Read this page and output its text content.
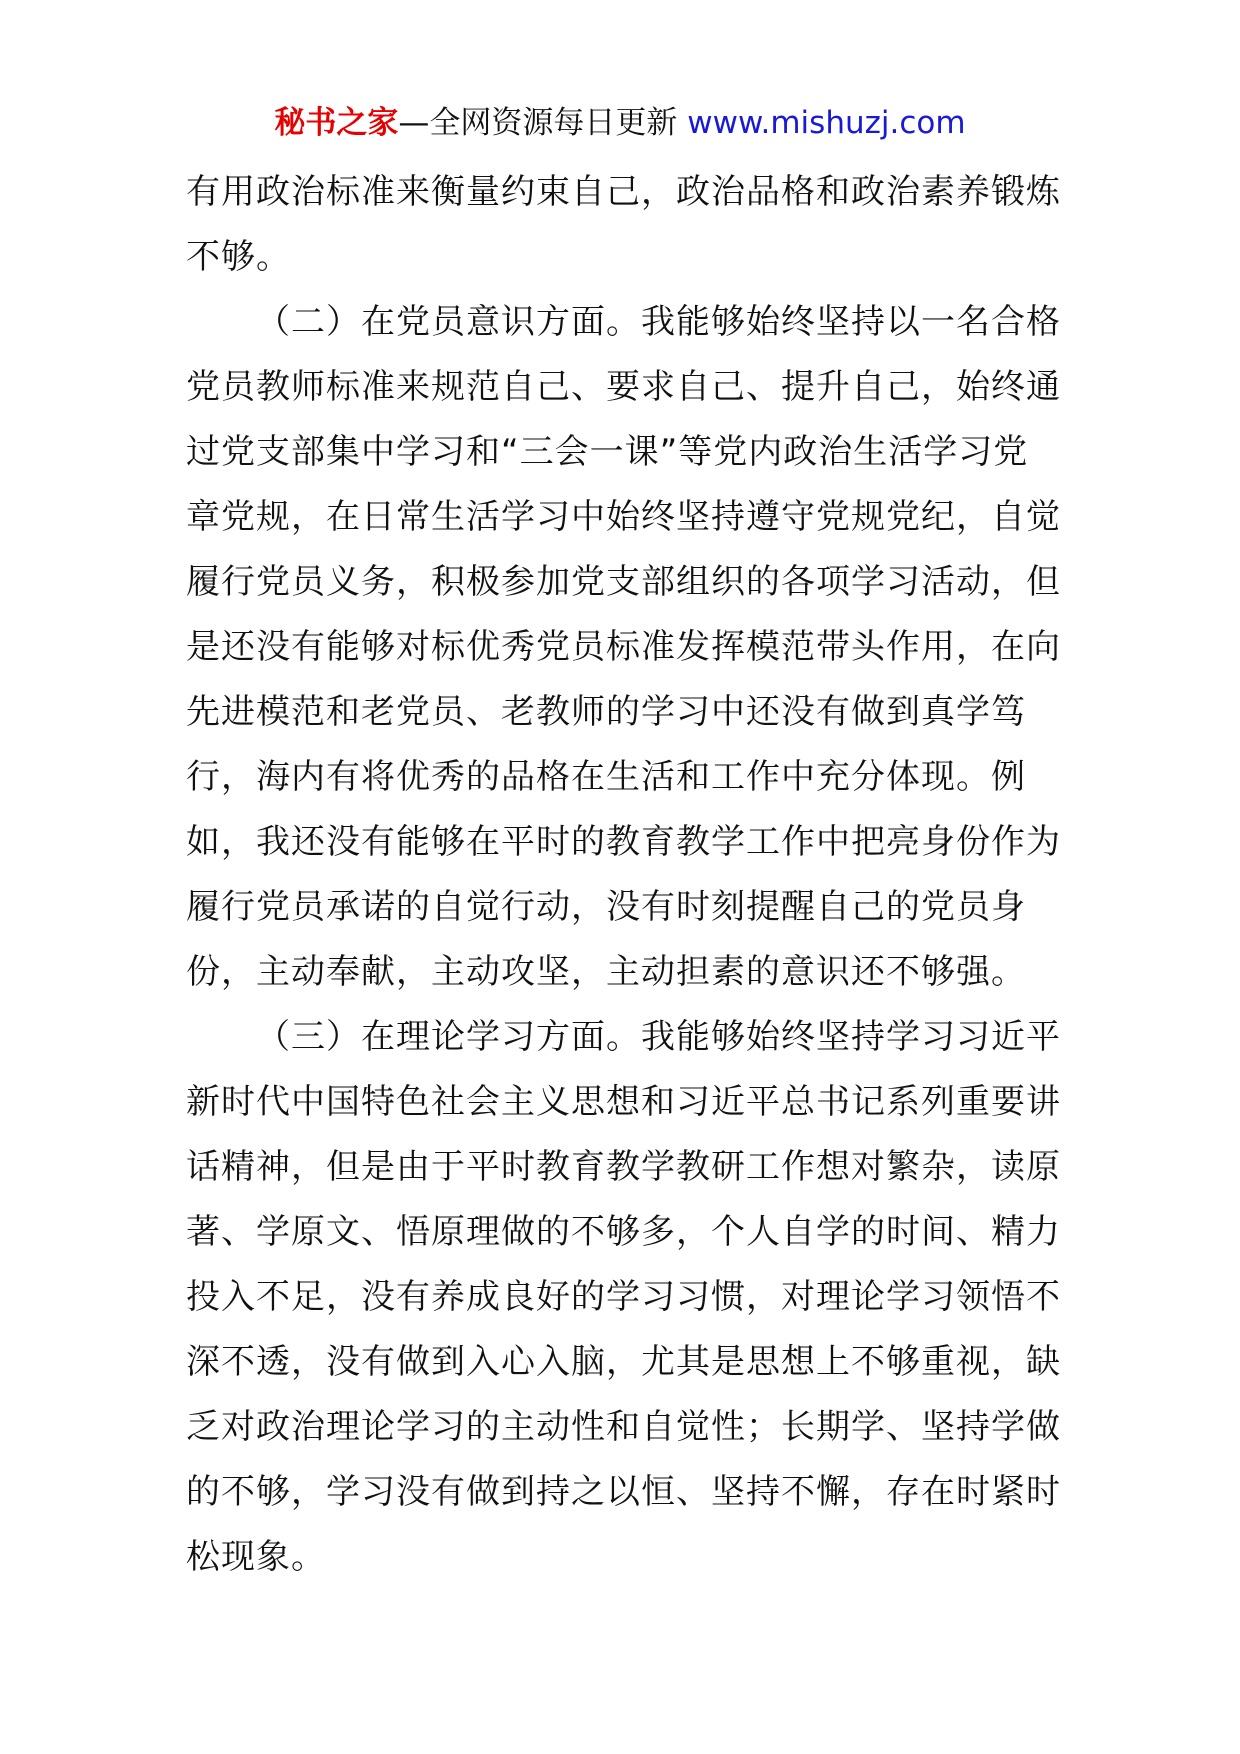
秘书之家—全网资源每日更新 www.mishuzj.com
有用政治标准来衡量约束自己，政治品格和政治素养锻炼
不够。
（二）在党员意识方面。我能够始终坚持以一名合格
党员教师标准来规范自己、要求自己、提升自己，始终通
过党支部集中学习和“三会一课”等党内政治生活学习党
章党规，在日常生活学习中始终坚持遵守党规党纪，自觉
履行党员义务，积极参加党支部组织的各项学习活动，但
是还没有能够对标优秀党员标准发挥模范带头作用，在向
先进模范和老党员、老教师的学习中还没有做到真学笃
行，海内有将优秀的品格在生活和工作中充分体现。例
如，我还没有能够在平时的教育教学工作中把亮身份作为
履行党员承诺的自觉行动，没有时刻提醒自己的党员身
份，主动奉献，主动攻坚，主动担素的意识还不够强。
（三）在理论学习方面。我能够始终坚持学习习近平
新时代中国特色社会主义思想和习近平总书记系列重要讲
话精神，但是由于平时教育教学教研工作想对繁杂，读原
著、学原文、悟原理做的不够多，个人自学的时间、精力
投入不足，没有养成良好的学习习惯，对理论学习领悟不
深不透，没有做到入心入脑，尤其是思想上不够重视，缺
乏对政治理论学习的主动性和自觉性；长期学、坚持学做
的不够，学习没有做到持之以恒、坚持不懈，存在时紧时
松现象。
